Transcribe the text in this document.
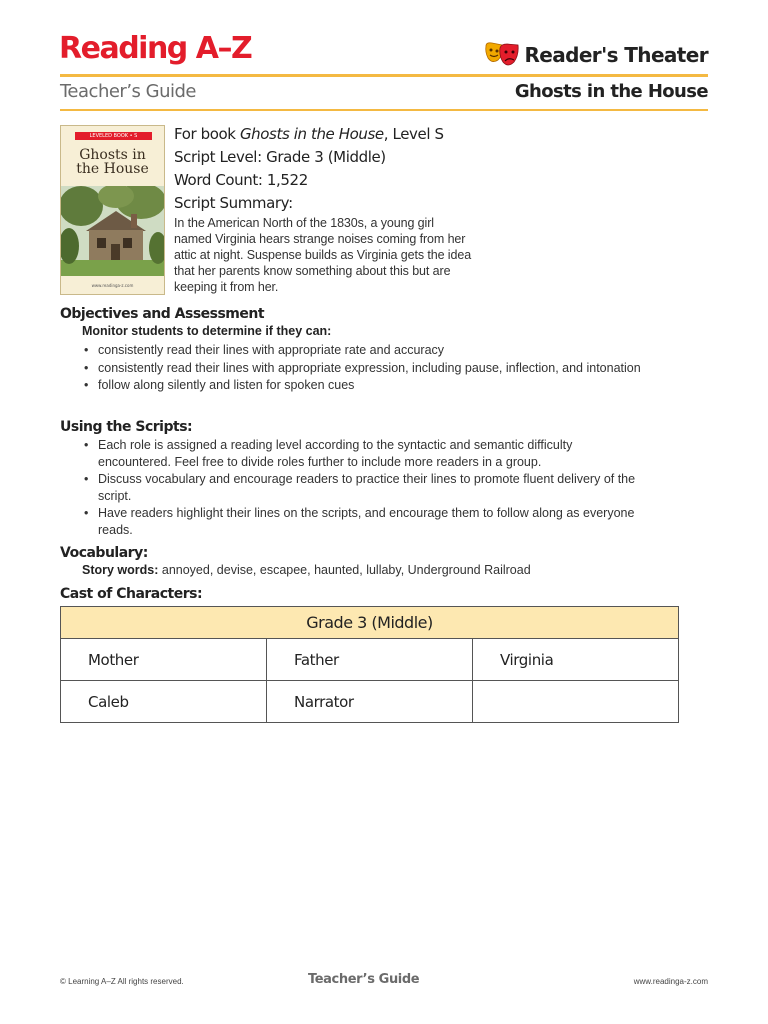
Reading A–Z	Reader's Theater
Teacher’s Guide	Ghosts in the House
LEVELED BOOK • S
Ghosts in
the House
www.readinga-z.com
For book Ghosts in the House, Level S
Script Level: Grade 3 (Middle)
Word Count: 1,522
Script Summary:
In the American North of the 1830s, a young girl named Virginia hears strange noises coming from her attic at night. Suspense builds as Virginia gets the idea that her parents know something about this but are keeping it from her.
Objectives and Assessment
Monitor students to determine if they can:
• consistently read their lines with appropriate rate and accuracy
• consistently read their lines with appropriate expression, including pause, inflection, and intonation
• follow along silently and listen for spoken cues
Using the Scripts:
• Each role is assigned a reading level according to the syntactic and semantic difficulty encountered. Feel free to divide roles further to include more readers in a group.
• Discuss vocabulary and encourage readers to practice their lines to promote fluent delivery of the script.
• Have readers highlight their lines on the scripts, and encourage them to follow along as everyone reads.
Vocabulary:
Story words: annoyed, devise, escapee, haunted, lullaby, Underground Railroad
Cast of Characters:
Grade 3 (Middle)		
Mother	Father	Virginia
Caleb	Narrator	
© Learning A–Z All rights reserved.	Teacher’s Guide	www.readinga-z.com
